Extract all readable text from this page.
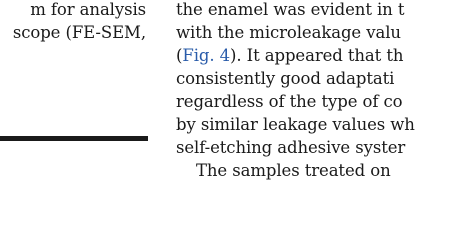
m for analysis
scope (FE-SEM,
the enamel was evident in t
with the microleakage valu
(Fig. 4). It appeared that th
consistently good adaptati
regardless of the type of co
by similar leakage values wh
self-etching adhesive syster
The samples treated on
